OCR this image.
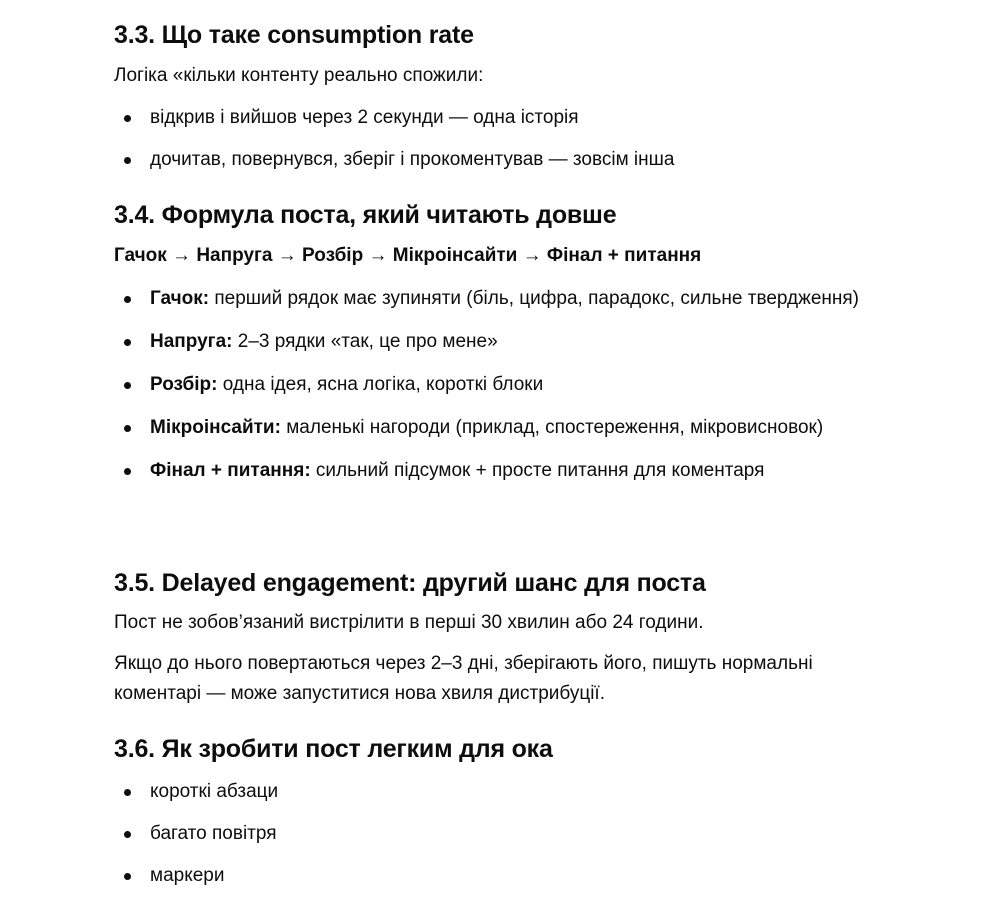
3.3. Що таке consumption rate

Логіка «кільки контенту реально спожили:

відкрив і вийшов через 2 секунди — одна історія
дочитав, повернувся, зберіг і прокоментував — зовсім інша
3.4. Формула поста, який читають довше

Гачок → Напруга → Розбір → Мікроінсайти → Фінал + питання

Гачок: перший рядок має зупиняти (біль, цифра, парадокс, сильне твердження)
Напруга: 2–3 рядки «так, це про мене»
Розбір: одна ідея, ясна логіка, короткі блоки
Мікроінсайти: маленькі нагороди (приклад, спостереження, мікровисновок)
Фінал + питання: сильний підсумок + просте питання для коментаря
3.5. Delayed engagement: другий шанс для поста

Пост не зобов’язаний вистрілити в перші 30 хвилин або 24 години.

Якщо до нього повертаються через 2–3 дні, зберігають його, пишуть нормальні коментарі — може запуститися нова хвиля дистрибуції.

3.6. Як зробити пост легким для ока
короткі абзаци
багато повітря
маркери
